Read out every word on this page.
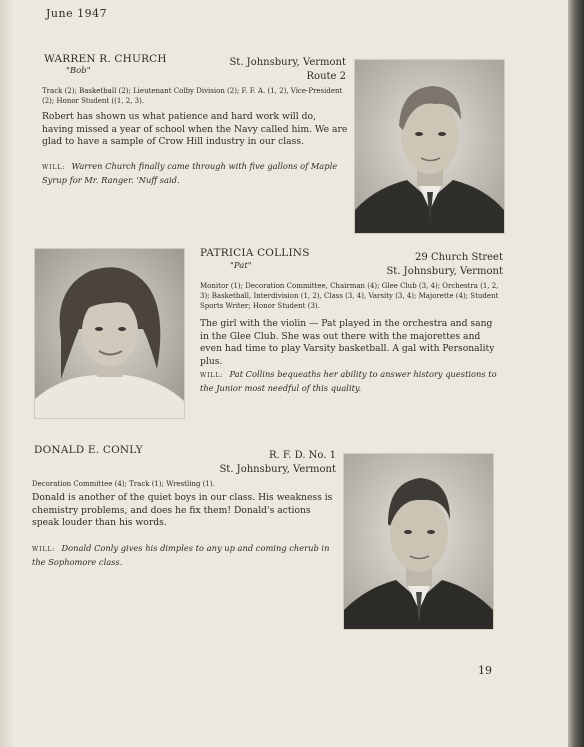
June 1947
WARREN R. CHURCH
"Bob"
St. Johnsbury, Vermont
Route 2
Track (2); Basketball (2); Lieutenant Colby Division (2); F. F. A. (1, 2), Vice-President (2); Honor Student ((1, 2, 3).
Robert has shown us what patience and hard work will do, having missed a year of school when the Navy called him. We are glad to have a sample of Crow Hill industry in our class.
WILL: Warren Church finally came through with five gallons of Maple Syrup for Mr. Ranger. 'Nuff said.
PATRICIA COLLINS
"Pat"
29 Church Street
St. Johnsbury, Vermont
Monitor (1); Decoration Committee, Chairman (4); Glee Club (3, 4); Orchestra (1, 2, 3); Basketball, Interdivision (1, 2), Class (3, 4), Varsity (3, 4); Majorette (4); Student Sports Writer; Honor Student (3).
The girl with the violin — Pat played in the orchestra and sang in the Glee Club. She was out there with the majorettes and even had time to play Varsity basketball. A gal with Personality plus.
WILL: Pat Collins bequeaths her ability to answer history questions to the Junior most needful of this quality.
DONALD E. CONLY	R. F. D. No. 1
St. Johnsbury, Vermont
Decoration Committee (4); Track (1); Wrestling (1).
Donald is another of the quiet boys in our class. His weakness is chemistry problems, and does he fix them! Donald's actions speak louder than his words.
WILL: Donald Conly gives his dimples to any up and coming cherub in the Sophomore class.
19
